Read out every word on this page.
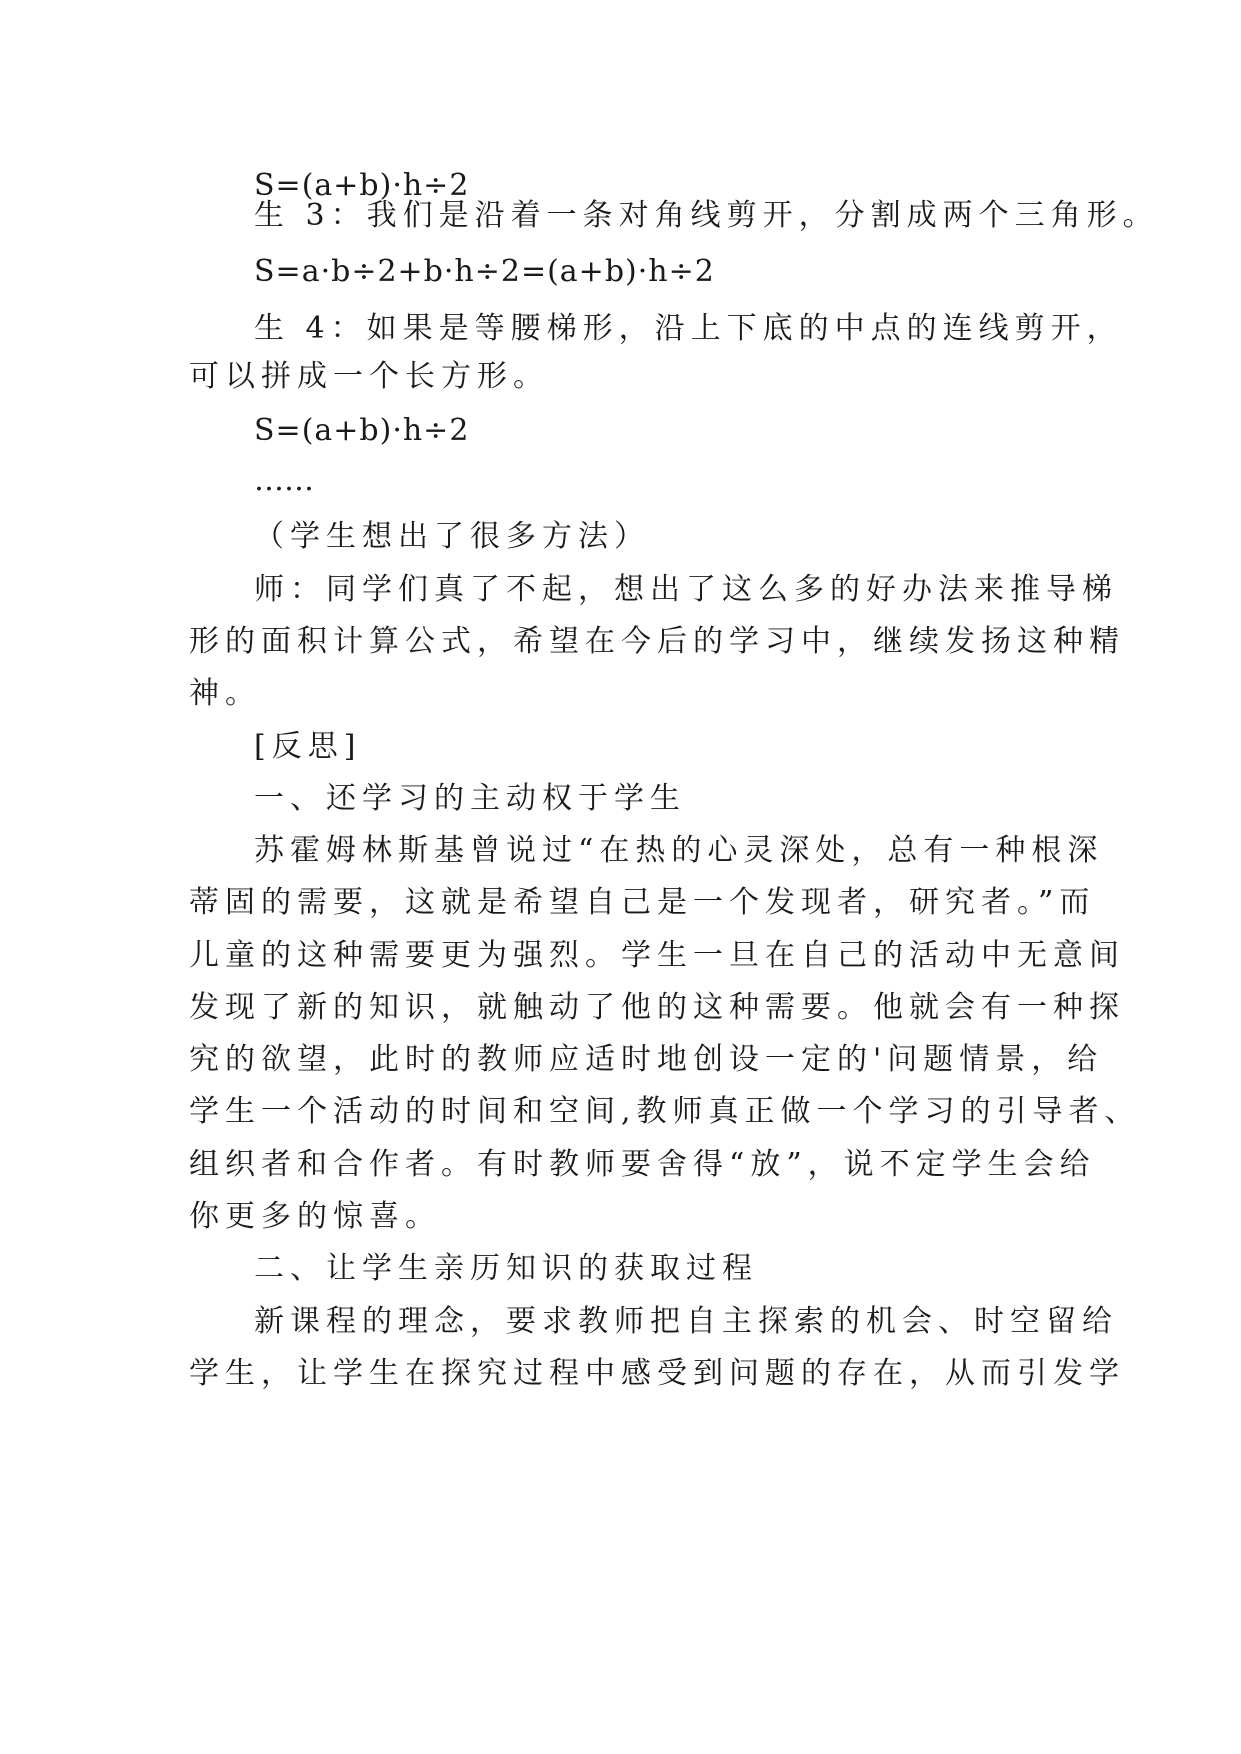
S=(a+b)·h÷2
生 3：我们是沿着一条对角线剪开，分割成两个三角形。
S=a·b÷2+b·h÷2=(a+b)·h÷2
生 4：如果是等腰梯形，沿上下底的中点的连线剪开，
可以拼成一个长方形。
S=(a+b)·h÷2
……
（学生想出了很多方法）
师：同学们真了不起，想出了这么多的好办法来推导梯
形的面积计算公式，希望在今后的学习中，继续发扬这种精
神。
[反思]
一、还学习的主动权于学生
苏霍姆林斯基曾说过“在热的心灵深处，总有一种根深
蒂固的需要，这就是希望自己是一个发现者，研究者。”而
儿童的这种需要更为强烈。学生一旦在自己的活动中无意间
发现了新的知识，就触动了他的这种需要。他就会有一种探
究的欲望，此时的教师应适时地创设一定的'问题情景，给
学生一个活动的时间和空间,教师真正做一个学习的引导者、
组织者和合作者。有时教师要舍得“放”，说不定学生会给
你更多的惊喜。
二、让学生亲历知识的获取过程
新课程的理念，要求教师把自主探索的机会、时空留给
学生，让学生在探究过程中感受到问题的存在，从而引发学
